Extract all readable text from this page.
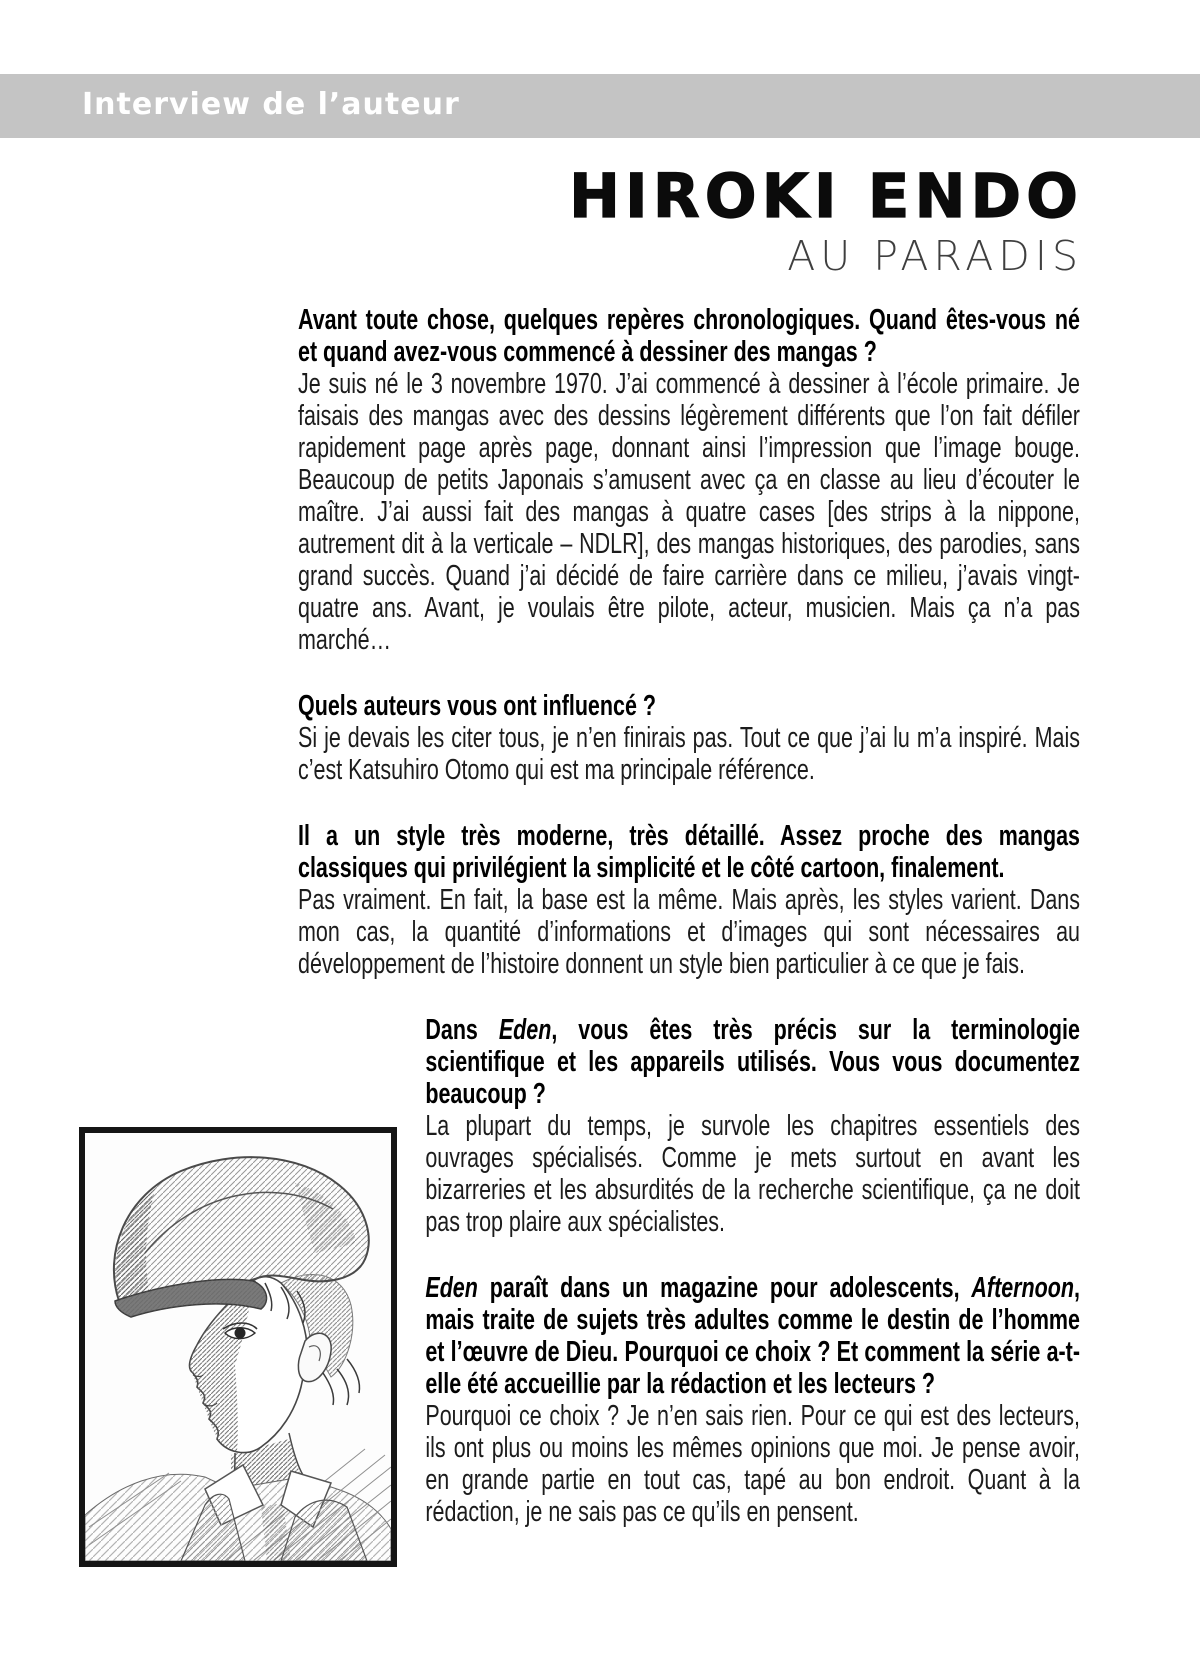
Interview de l’auteur
HIROKI ENDO
AU PARADIS

Avant toute chose, quelques repères chronologiques. Quand êtes-vous né et quand avez-vous commencé à dessiner des mangas ?

Je suis né le 3 novembre 1970. J’ai commencé à dessiner à l’école primaire. Je faisais des mangas avec des dessins légèrement différents que l’on fait défiler rapidement page après page, donnant ainsi l’impression que l’image bouge. Beaucoup de petits Japonais s’amusent avec ça en classe au lieu d’écouter le maître. J’ai aussi fait des mangas à quatre cases [des strips à la nippone, autrement dit à la verticale – NDLR], des mangas historiques, des parodies, sans grand succès. Quand j’ai décidé de faire carrière dans ce milieu, j’avais vingt-quatre ans. Avant, je voulais être pilote, acteur, musicien. Mais ça n’a pas marché…

Quels auteurs vous ont influencé ?

Si je devais les citer tous, je n’en finirais pas. Tout ce que j’ai lu m’a inspiré. Mais c’est Katsuhiro Otomo qui est ma principale référence.

Il a un style très moderne, très détaillé. Assez proche des mangas classiques qui privilégient la simplicité et le côté cartoon, finalement.

Pas vraiment. En fait, la base est la même. Mais après, les styles varient. Dans mon cas, la quantité d’informations et d’images qui sont nécessaires au développement de l’histoire donnent un style bien particulier à ce que je fais.

Dans Eden, vous êtes très précis sur la terminologie scientifique et les appareils utilisés. Vous vous documentez beaucoup ?

La plupart du temps, je survole les chapitres essentiels des ouvrages spécialisés. Comme je mets surtout en avant les bizarreries et les absurdités de la recherche scientifique, ça ne doit pas trop plaire aux spécialistes.

Eden paraît dans un magazine pour adolescents, Afternoon, mais traite de sujets très adultes comme le destin de l’homme et l’œuvre de Dieu. Pourquoi ce choix ? Et comment la série a-t-elle été accueillie par la rédaction et les lecteurs ?

Pourquoi ce choix ? Je n’en sais rien. Pour ce qui est des lecteurs, ils ont plus ou moins les mêmes opinions que moi. Je pense avoir, en grande partie en tout cas, tapé au bon endroit. Quant à la rédaction, je ne sais pas ce qu’ils en pensent.
